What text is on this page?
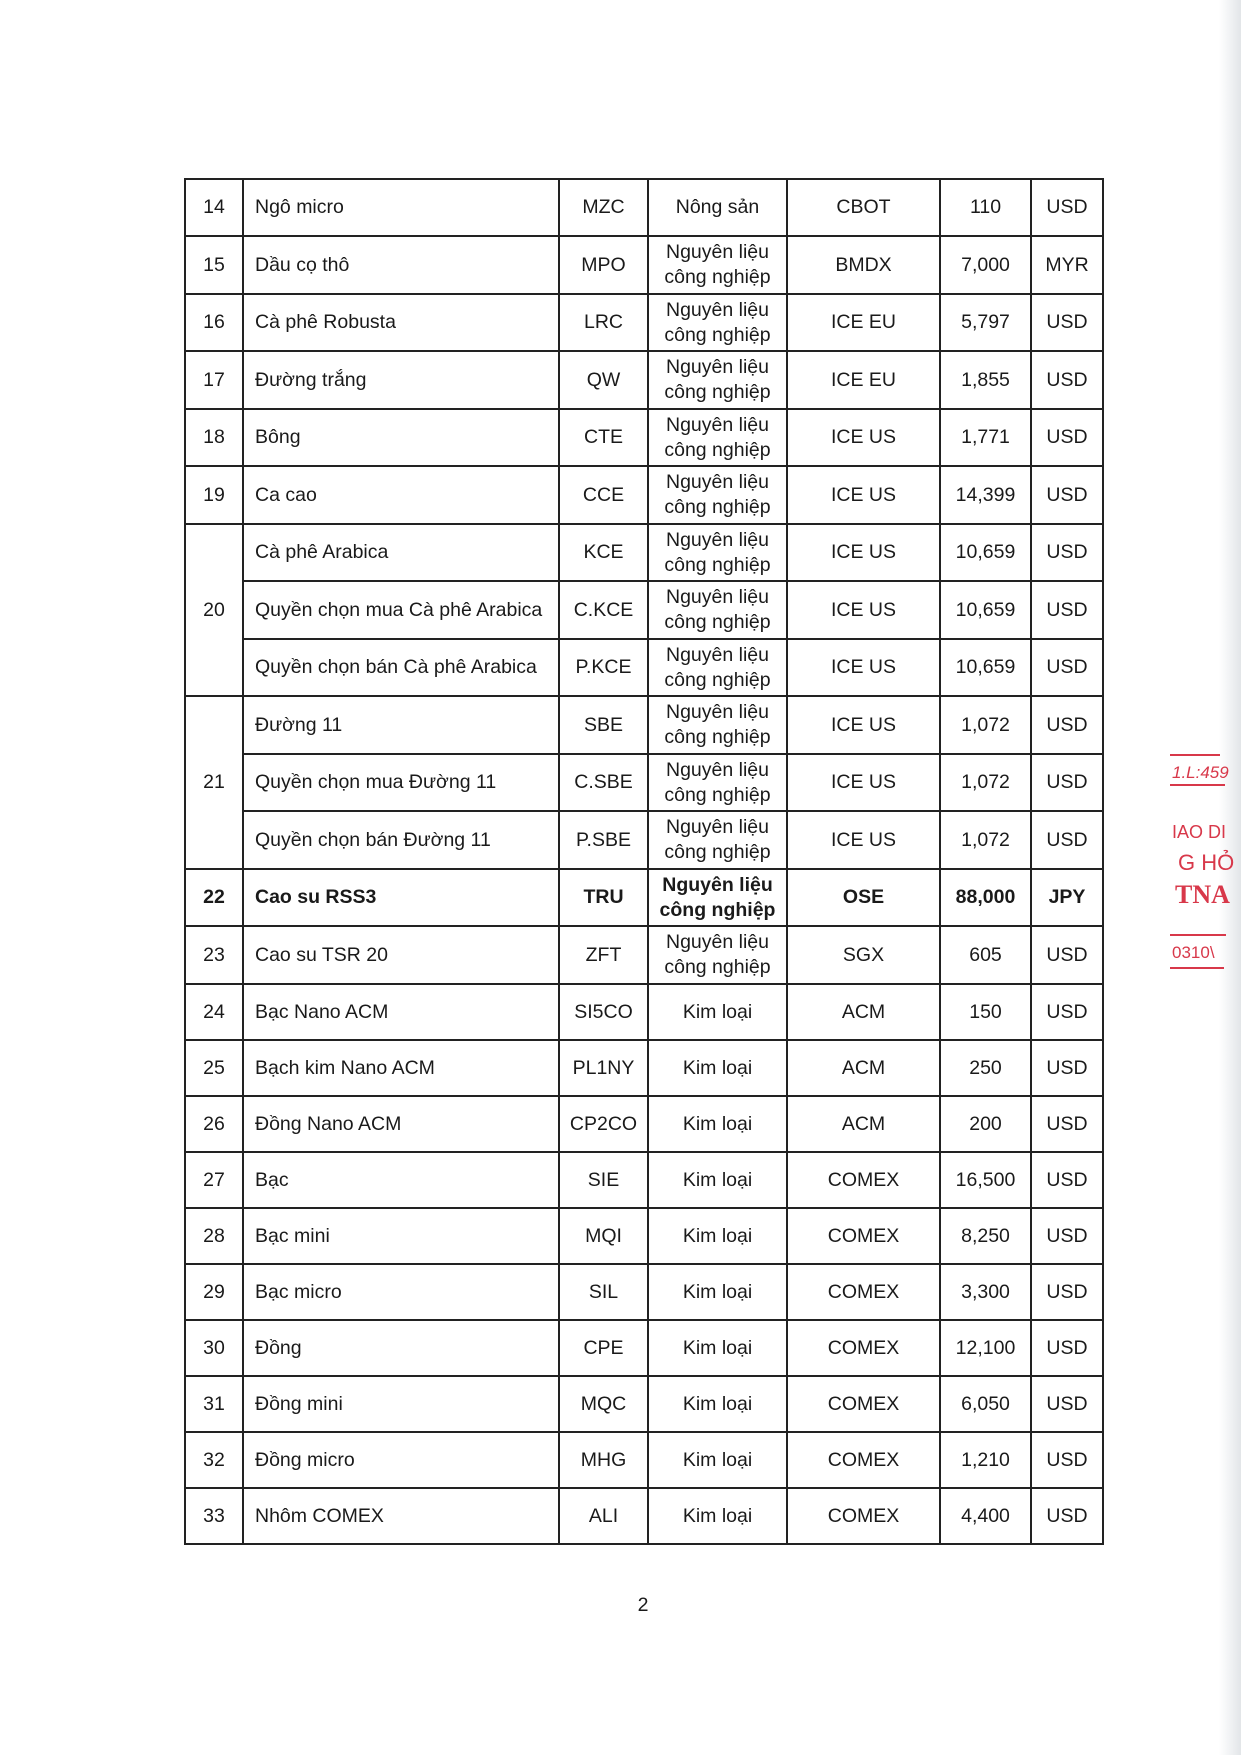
14	Ngô micro	MZC	Nông sản	CBOT	110	USD
15	Dầu cọ thô	MPO	Nguyên liệu công nghiệp	BMDX	7,000	MYR
16	Cà phê Robusta	LRC	Nguyên liệu công nghiệp	ICE EU	5,797	USD
17	Đường trắng	QW	Nguyên liệu công nghiệp	ICE EU	1,855	USD
18	Bông	CTE	Nguyên liệu công nghiệp	ICE US	1,771	USD
19	Ca cao	CCE	Nguyên liệu công nghiệp	ICE US	14,399	USD
20	Cà phê Arabica	KCE	Nguyên liệu công nghiệp	ICE US	10,659	USD
	Quyền chọn mua Cà phê Arabica	C.KCE	Nguyên liệu công nghiệp	ICE US	10,659	USD
	Quyền chọn bán Cà phê Arabica	P.KCE	Nguyên liệu công nghiệp	ICE US	10,659	USD
21	Đường 11	SBE	Nguyên liệu công nghiệp	ICE US	1,072	USD
	Quyền chọn mua Đường 11	C.SBE	Nguyên liệu công nghiệp	ICE US	1,072	USD
	Quyền chọn bán Đường 11	P.SBE	Nguyên liệu công nghiệp	ICE US	1,072	USD
22	Cao su RSS3	TRU	Nguyên liệu công nghiệp	OSE	88,000	JPY
23	Cao su TSR 20	ZFT	Nguyên liệu công nghiệp	SGX	605	USD
24	Bạc Nano ACM	SI5CO	Kim loại	ACM	150	USD
25	Bạch kim Nano ACM	PL1NY	Kim loại	ACM	250	USD
26	Đồng Nano ACM	CP2CO	Kim loại	ACM	200	USD
27	Bạc	SIE	Kim loại	COMEX	16,500	USD
28	Bạc mini	MQI	Kim loại	COMEX	8,250	USD
29	Bạc micro	SIL	Kim loại	COMEX	3,300	USD
30	Đồng	CPE	Kim loại	COMEX	12,100	USD
31	Đồng mini	MQC	Kim loại	COMEX	6,050	USD
32	Đồng micro	MHG	Kim loại	COMEX	1,210	USD
33	Nhôm COMEX	ALI	Kim loại	COMEX	4,400	USD
2
1.L:459
IAO DI
G HỎ
TNA
0310\
